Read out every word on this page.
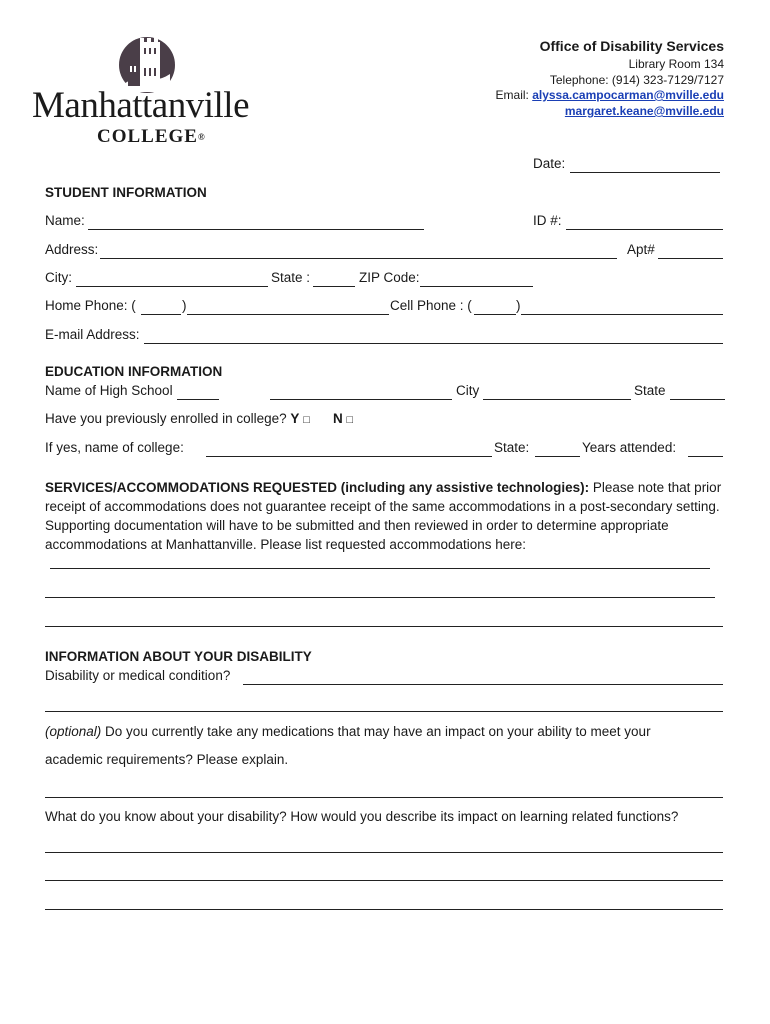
Manhattanville
COLLEGE®
Office of Disability Services
Library Room 134
Telephone: (914) 323-7129/7127
Email: alyssa.campocarman@mville.edu
margaret.keane@mville.edu
Date:
STUDENT INFORMATION
Name:	ID #:
Address:	Apt#
City:	State :	ZIP Code:
Home Phone: (	)	Cell Phone : (	)
E-mail Address:
EDUCATION INFORMATION
Name of High School	City	State
Have you previously enrolled in college? Y □ N □
If yes, name of college:	State:	Years attended:
SERVICES/ACCOMMODATIONS REQUESTED (including any assistive technologies): Please note that prior receipt of accommodations does not guarantee receipt of the same accommodations in a post-secondary setting. Supporting documentation will have to be submitted and then reviewed in order to determine appropriate accommodations at Manhattanville. Please list requested accommodations here:
INFORMATION ABOUT YOUR DISABILITY
Disability or medical condition?
(optional) Do you currently take any medications that may have an impact on your ability to meet your
academic requirements? Please explain.
What do you know about your disability? How would you describe its impact on learning related functions?
